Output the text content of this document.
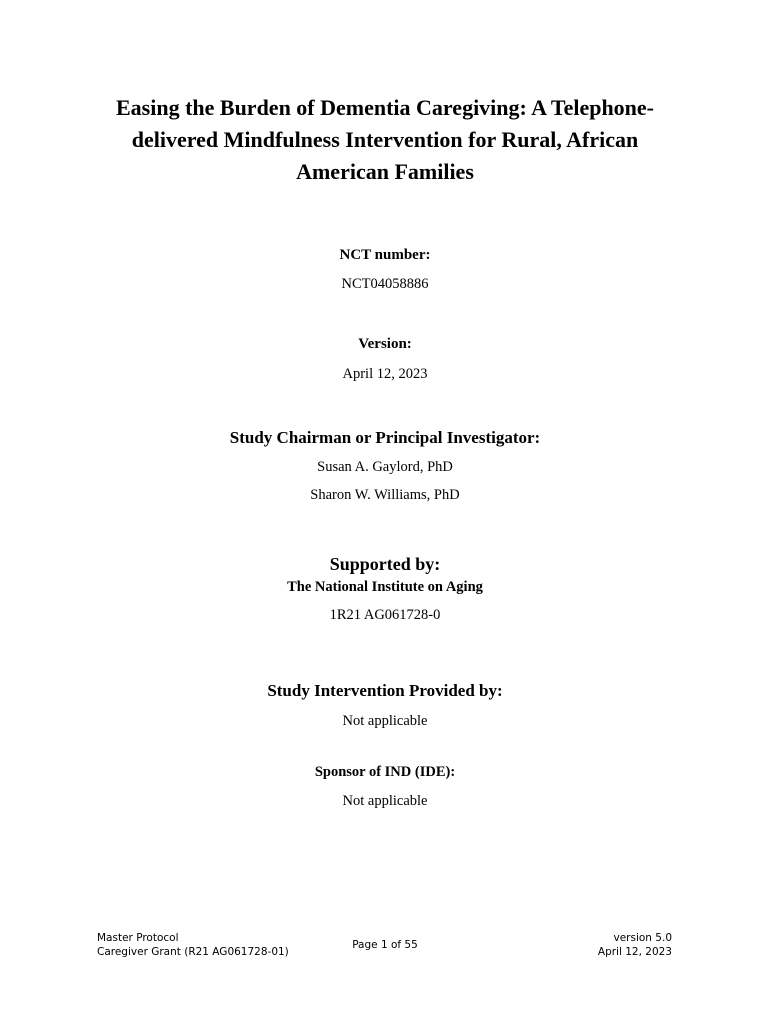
Easing the Burden of Dementia Caregiving: A Telephone-
delivered Mindfulness Intervention for Rural, African
American Families
NCT number:
NCT04058886
Version:
April 12, 2023
Study Chairman or Principal Investigator:
Susan A. Gaylord, PhD
Sharon W. Williams, PhD
Supported by:
The National Institute on Aging
1R21 AG061728-0
Study Intervention Provided by:
Not applicable
Sponsor of IND (IDE):
Not applicable
Master Protocol
Caregiver Grant (R21 AG061728-01)
Page 1 of 55
version 5.0
April 12, 2023
